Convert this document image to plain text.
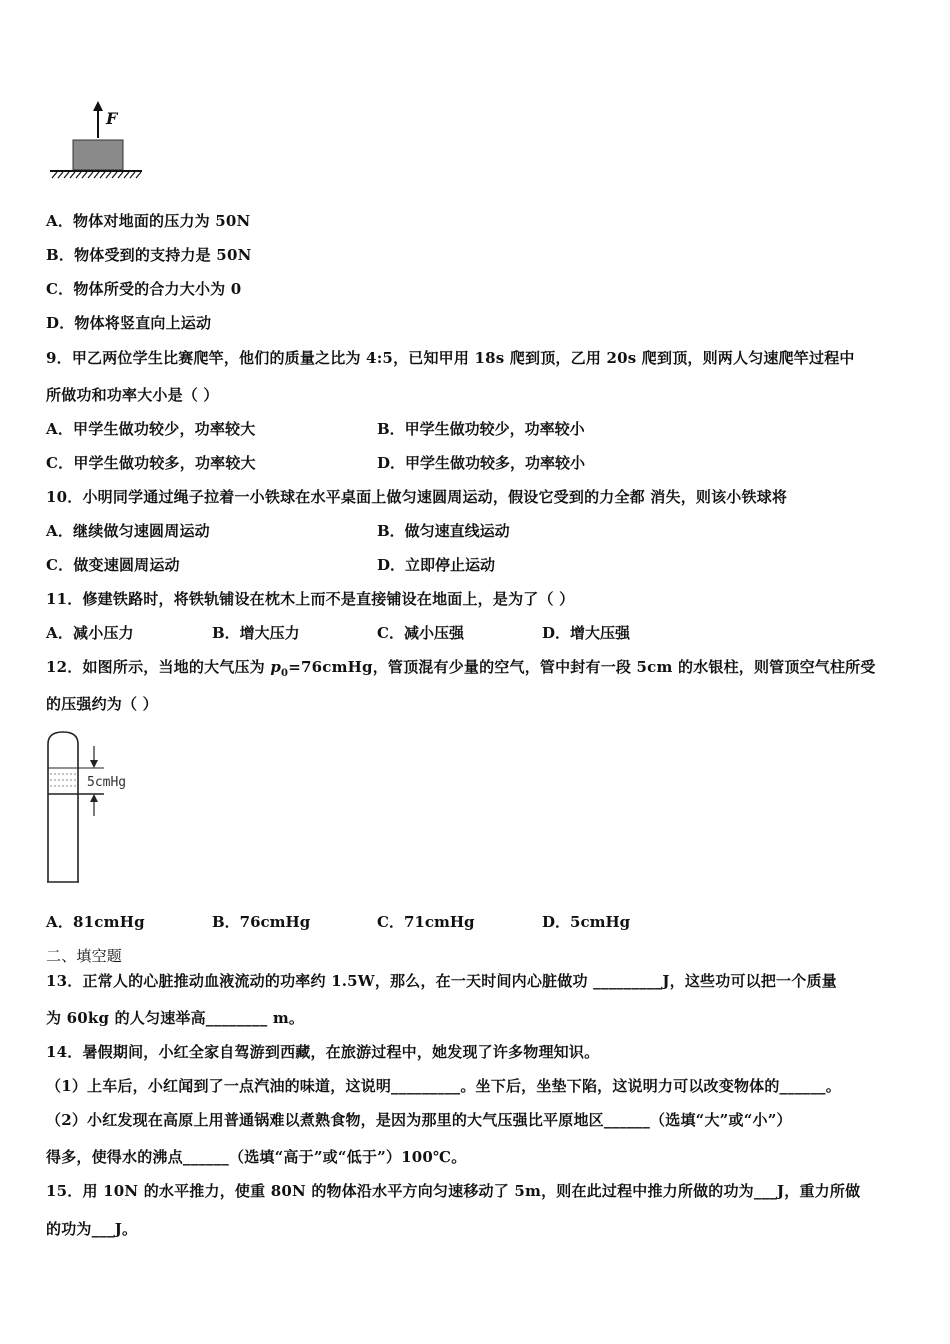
F
A．物体对地面的压力为 50N
B．物体受到的支持力是 50N
C．物体所受的合力大小为 0
D．物体将竖直向上运动
9．甲乙两位学生比赛爬竿，他们的质量之比为 4:5，已知甲用 18s 爬到顶，乙用 20s 爬到顶，则两人匀速爬竿过程中
所做功和功率大小是（ ）
A．甲学生做功较少，功率较大	B．甲学生做功较少，功率较小
C．甲学生做功较多，功率较大	D．甲学生做功较多，功率较小
10．小明同学通过绳子拉着一小铁球在水平桌面上做匀速圆周运动，假设它受到的力全都 消失，则该小铁球将
A．继续做匀速圆周运动	B．做匀速直线运动
C．做变速圆周运动	D．立即停止运动
11．修建铁路时，将铁轨铺设在枕木上而不是直接铺设在地面上，是为了（ ）
A．减小压力	B．增大压力	C．减小压强	D．增大压强
12．如图所示，当地的大气压为 $p_0=76cmHg$，管顶混有少量的空气，管中封有一段 5cm 的水银柱，则管顶空气柱所受
的压强约为（ ）
5cmHg
A．81cmHg	B．76cmHg	C．71cmHg	D．5cmHg
二、填空题
13．正常人的心脏推动血液流动的功率约 1.5W，那么，在一天时间内心脏做功 _________J，这些功可以把一个质量
为 60kg 的人匀速举高________ m。
14．暑假期间，小红全家自驾游到西藏，在旅游过程中，她发现了许多物理知识。
（1）上车后，小红闻到了一点汽油的味道，这说明_________。坐下后，坐垫下陷，这说明力可以改变物体的______。
（2）小红发现在高原上用普通锅难以煮熟食物，是因为那里的大气压强比平原地区______（选填“大”或“小”）
得多，使得水的沸点______（选填“高于”或“低于”）100℃。
15．用 10N 的水平推力，使重 80N 的物体沿水平方向匀速移动了 5m，则在此过程中推力所做的功为___J，重力所做
的功为___J。
